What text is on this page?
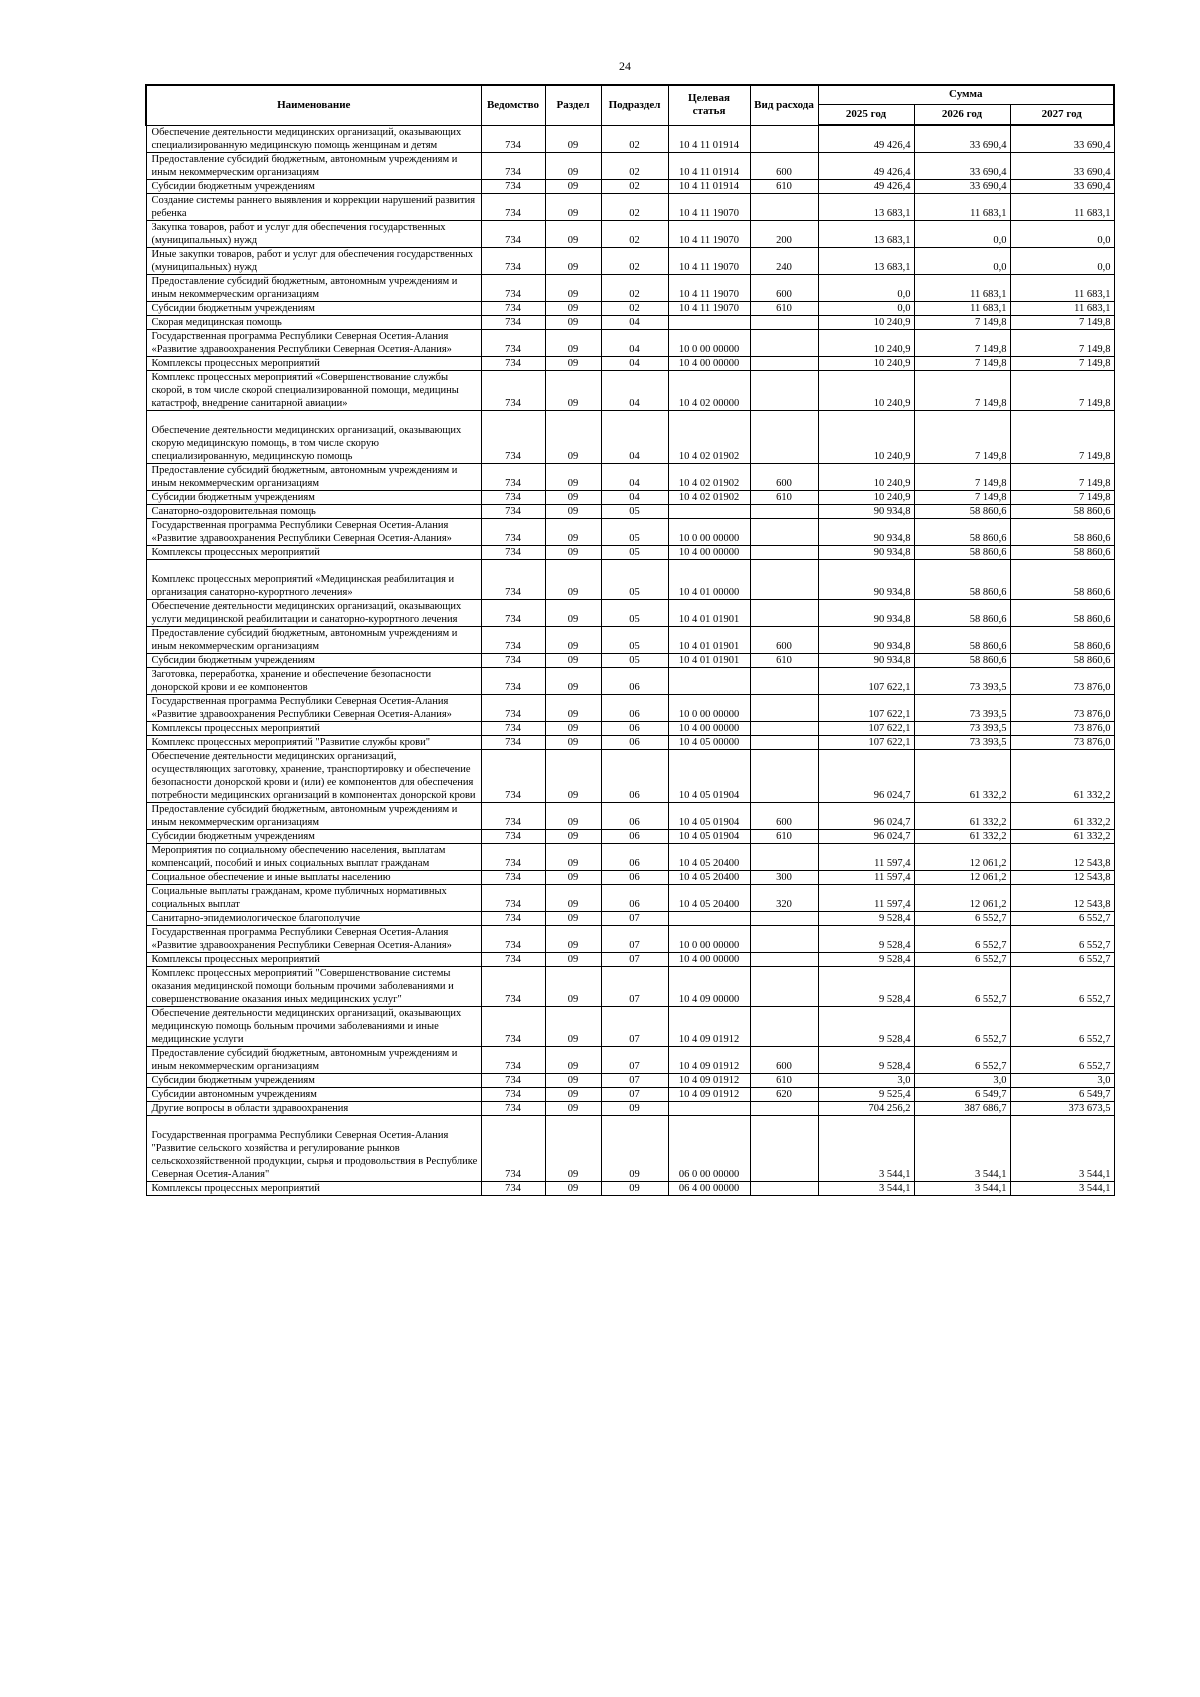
24
Наименование	Ведомство	Раздел	Подраздел	Целевая статья	Вид расхода	Сумма		
						2025 год	2026 год	2027 год
Обеспечение деятельности медицинских организаций, оказывающих специализированную медицинскую помощь женщинам и детям	734	09	02	10 4 11 01914		49 426,4	33 690,4	33 690,4
Предоставление субсидий бюджетным, автономным учреждениям и иным некоммерческим организациям	734	09	02	10 4 11 01914	600	49 426,4	33 690,4	33 690,4
Субсидии бюджетным учреждениям	734	09	02	10 4 11 01914	610	49 426,4	33 690,4	33 690,4
Создание системы раннего выявления и коррекции нарушений развития ребенка	734	09	02	10 4 11 19070		13 683,1	11 683,1	11 683,1
Закупка товаров, работ и услуг для обеспечения государственных (муниципальных) нужд	734	09	02	10 4 11 19070	200	13 683,1	0,0	0,0
Иные закупки товаров, работ и услуг для обеспечения государственных (муниципальных) нужд	734	09	02	10 4 11 19070	240	13 683,1	0,0	0,0
Предоставление субсидий бюджетным, автономным учреждениям и иным некоммерческим организациям	734	09	02	10 4 11 19070	600	0,0	11 683,1	11 683,1
Субсидии бюджетным учреждениям	734	09	02	10 4 11 19070	610	0,0	11 683,1	11 683,1
Скорая медицинская помощь	734	09	04			10 240,9	7 149,8	7 149,8
Государственная программа Республики Северная Осетия-Алания «Развитие здравоохранения Республики Северная Осетия-Алания»	734	09	04	10 0 00 00000		10 240,9	7 149,8	7 149,8
Комплексы процессных мероприятий	734	09	04	10 4 00 00000		10 240,9	7 149,8	7 149,8
Комплекс процессных мероприятий «Совершенствование службы скорой, в том числе скорой специализированной помощи, медицины катастроф, внедрение санитарной авиации»	734	09	04	10 4 02 00000		10 240,9	7 149,8	7 149,8
Обеспечение деятельности медицинских организаций, оказывающих скорую медицинскую помощь, в том числе скорую специализированную, медицинскую помощь	734	09	04	10 4 02 01902		10 240,9	7 149,8	7 149,8
Предоставление субсидий бюджетным, автономным учреждениям и иным некоммерческим организациям	734	09	04	10 4 02 01902	600	10 240,9	7 149,8	7 149,8
Субсидии бюджетным учреждениям	734	09	04	10 4 02 01902	610	10 240,9	7 149,8	7 149,8
Санаторно-оздоровительная помощь	734	09	05			90 934,8	58 860,6	58 860,6
Государственная программа Республики Северная Осетия-Алания «Развитие здравоохранения Республики Северная Осетия-Алания»	734	09	05	10 0 00 00000		90 934,8	58 860,6	58 860,6
Комплексы процессных мероприятий	734	09	05	10 4 00 00000		90 934,8	58 860,6	58 860,6
Комплекс процессных мероприятий «Медицинская реабилитация и организация санаторно-курортного лечения»	734	09	05	10 4 01 00000		90 934,8	58 860,6	58 860,6
Обеспечение деятельности медицинских организаций, оказывающих услуги медицинской реабилитации и санаторно-курортного лечения	734	09	05	10 4 01 01901		90 934,8	58 860,6	58 860,6
Предоставление субсидий бюджетным, автономным учреждениям и иным некоммерческим организациям	734	09	05	10 4 01 01901	600	90 934,8	58 860,6	58 860,6
Субсидии бюджетным учреждениям	734	09	05	10 4 01 01901	610	90 934,8	58 860,6	58 860,6
Заготовка, переработка, хранение и обеспечение безопасности донорской крови и ее компонентов	734	09	06			107 622,1	73 393,5	73 876,0
Государственная программа Республики Северная Осетия-Алания «Развитие здравоохранения Республики Северная Осетия-Алания»	734	09	06	10 0 00 00000		107 622,1	73 393,5	73 876,0
Комплексы процессных мероприятий	734	09	06	10 4 00 00000		107 622,1	73 393,5	73 876,0
Комплекс процессных мероприятий "Развитие службы крови"	734	09	06	10 4 05 00000		107 622,1	73 393,5	73 876,0
Обеспечение деятельности медицинских организаций, осуществляющих заготовку, хранение, транспортировку и обеспечение безопасности донорской крови и (или) ее компонентов для обеспечения потребности медицинских организаций в компонентах донорской крови	734	09	06	10 4 05 01904		96 024,7	61 332,2	61 332,2
Предоставление субсидий бюджетным, автономным учреждениям и иным некоммерческим организациям	734	09	06	10 4 05 01904	600	96 024,7	61 332,2	61 332,2
Субсидии бюджетным учреждениям	734	09	06	10 4 05 01904	610	96 024,7	61 332,2	61 332,2
Мероприятия по социальному обеспечению населения, выплатам компенсаций, пособий и иных социальных выплат гражданам	734	09	06	10 4 05 20400		11 597,4	12 061,2	12 543,8
Социальное обеспечение и иные выплаты населению	734	09	06	10 4 05 20400	300	11 597,4	12 061,2	12 543,8
Социальные выплаты гражданам, кроме публичных нормативных социальных выплат	734	09	06	10 4 05 20400	320	11 597,4	12 061,2	12 543,8
Санитарно-эпидемиологическое благополучие	734	09	07			9 528,4	6 552,7	6 552,7
Государственная программа Республики Северная Осетия-Алания «Развитие здравоохранения Республики Северная Осетия-Алания»	734	09	07	10 0 00 00000		9 528,4	6 552,7	6 552,7
Комплексы процессных мероприятий	734	09	07	10 4 00 00000		9 528,4	6 552,7	6 552,7
Комплекс процессных мероприятий "Совершенствование системы оказания медицинской помощи больным прочими заболеваниями и совершенствование оказания иных медицинских услуг"	734	09	07	10 4 09 00000		9 528,4	6 552,7	6 552,7
Обеспечение деятельности медицинских организаций, оказывающих медицинскую помощь больным прочими заболеваниями и иные медицинские услуги	734	09	07	10 4 09 01912		9 528,4	6 552,7	6 552,7
Предоставление субсидий бюджетным, автономным учреждениям и иным некоммерческим организациям	734	09	07	10 4 09 01912	600	9 528,4	6 552,7	6 552,7
Субсидии бюджетным учреждениям	734	09	07	10 4 09 01912	610	3,0	3,0	3,0
Субсидии автономным учреждениям	734	09	07	10 4 09 01912	620	9 525,4	6 549,7	6 549,7
Другие вопросы в области здравоохранения	734	09	09			704 256,2	387 686,7	373 673,5
Государственная программа Республики Северная Осетия-Алания "Развитие сельского хозяйства и регулирование рынков сельскохозяйственной продукции, сырья и продовольствия в Республике Северная Осетия-Алания"	734	09	09	06 0 00 00000		3 544,1	3 544,1	3 544,1
Комплексы процессных мероприятий	734	09	09	06 4 00 00000		3 544,1	3 544,1	3 544,1
